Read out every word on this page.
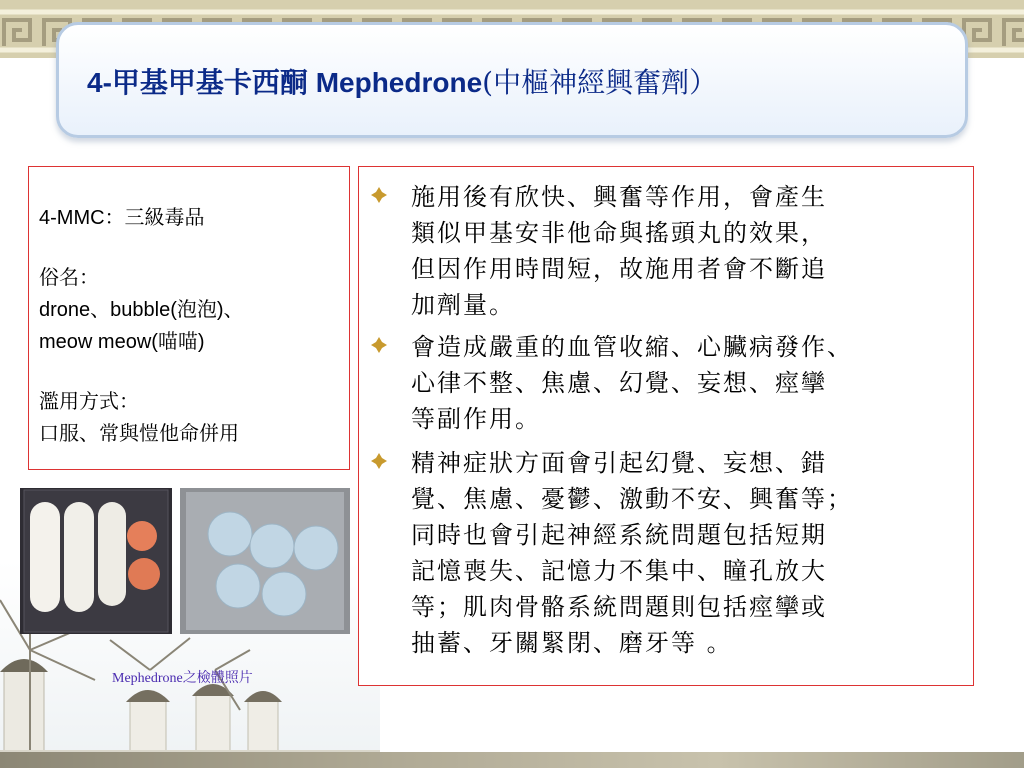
4-甲基甲基卡西酮 Mephedrone(中樞神經興奮劑）
4-MMC：三級毒品
俗名：
drone、bubble(泡泡)、
meow meow(喵喵)
濫用方式：
口服、常與愷他命併用
Mephedrone之檢體照片
施用後有欣快、興奮等作用，會產生
類似甲基安非他命與搖頭丸的效果，
但因作用時間短，故施用者會不斷追
加劑量。
會造成嚴重的血管收縮、心臟病發作、
心律不整、焦慮、幻覺、妄想、痙攣
等副作用。
精神症狀方面會引起幻覺、妄想、錯
覺、焦慮、憂鬱、激動不安、興奮等；
同時也會引起神經系統問題包括短期
記憶喪失、記憶力不集中、瞳孔放大
等；肌肉骨骼系統問題則包括痙攣或
抽蓄、牙關緊閉、磨牙等 。
